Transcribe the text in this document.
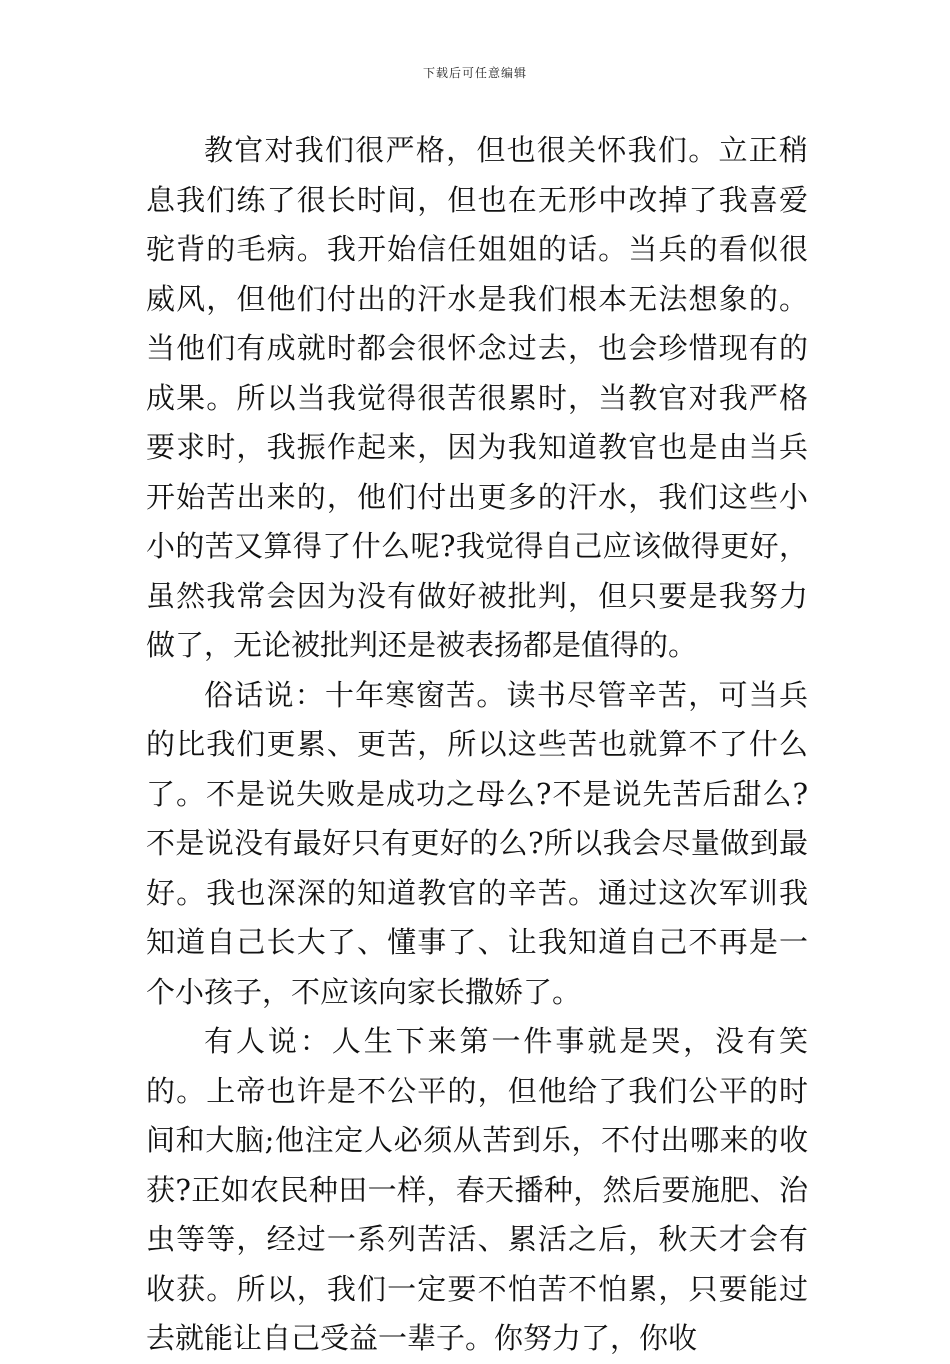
下载后可任意编辑

教官对我们很严格，但也很关怀我们。立正稍息我们练了很长时间，但也在无形中改掉了我喜爱驼背的毛病。我开始信任姐姐的话。当兵的看似很威风，但他们付出的汗水是我们根本无法想象的。当他们有成就时都会很怀念过去，也会珍惜现有的成果。所以当我觉得很苦很累时，当教官对我严格要求时，我振作起来，因为我知道教官也是由当兵开始苦出来的，他们付出更多的汗水，我们这些小小的苦又算得了什么呢?我觉得自己应该做得更好，虽然我常会因为没有做好被批判，但只要是我努力做了，无论被批判还是被表扬都是值得的。

俗话说：十年寒窗苦。读书尽管辛苦，可当兵的比我们更累、更苦，所以这些苦也就算不了什么了。不是说失败是成功之母么?不是说先苦后甜么?不是说没有最好只有更好的么?所以我会尽量做到最好。我也深深的知道教官的辛苦。通过这次军训我知道自己长大了、懂事了、让我知道自己不再是一个小孩子，不应该向家长撒娇了。

有人说：人生下来第一件事就是哭，没有笑的。上帝也许是不公平的，但他给了我们公平的时间和大脑;他注定人必须从苦到乐，不付出哪来的收获?正如农民种田一样，春天播种，然后要施肥、治虫等等，经过一系列苦活、累活之后，秋天才会有收获。所以，我们一定要不怕苦不怕累，只要能过去就能让自己受益一辈子。你努力了，你收
